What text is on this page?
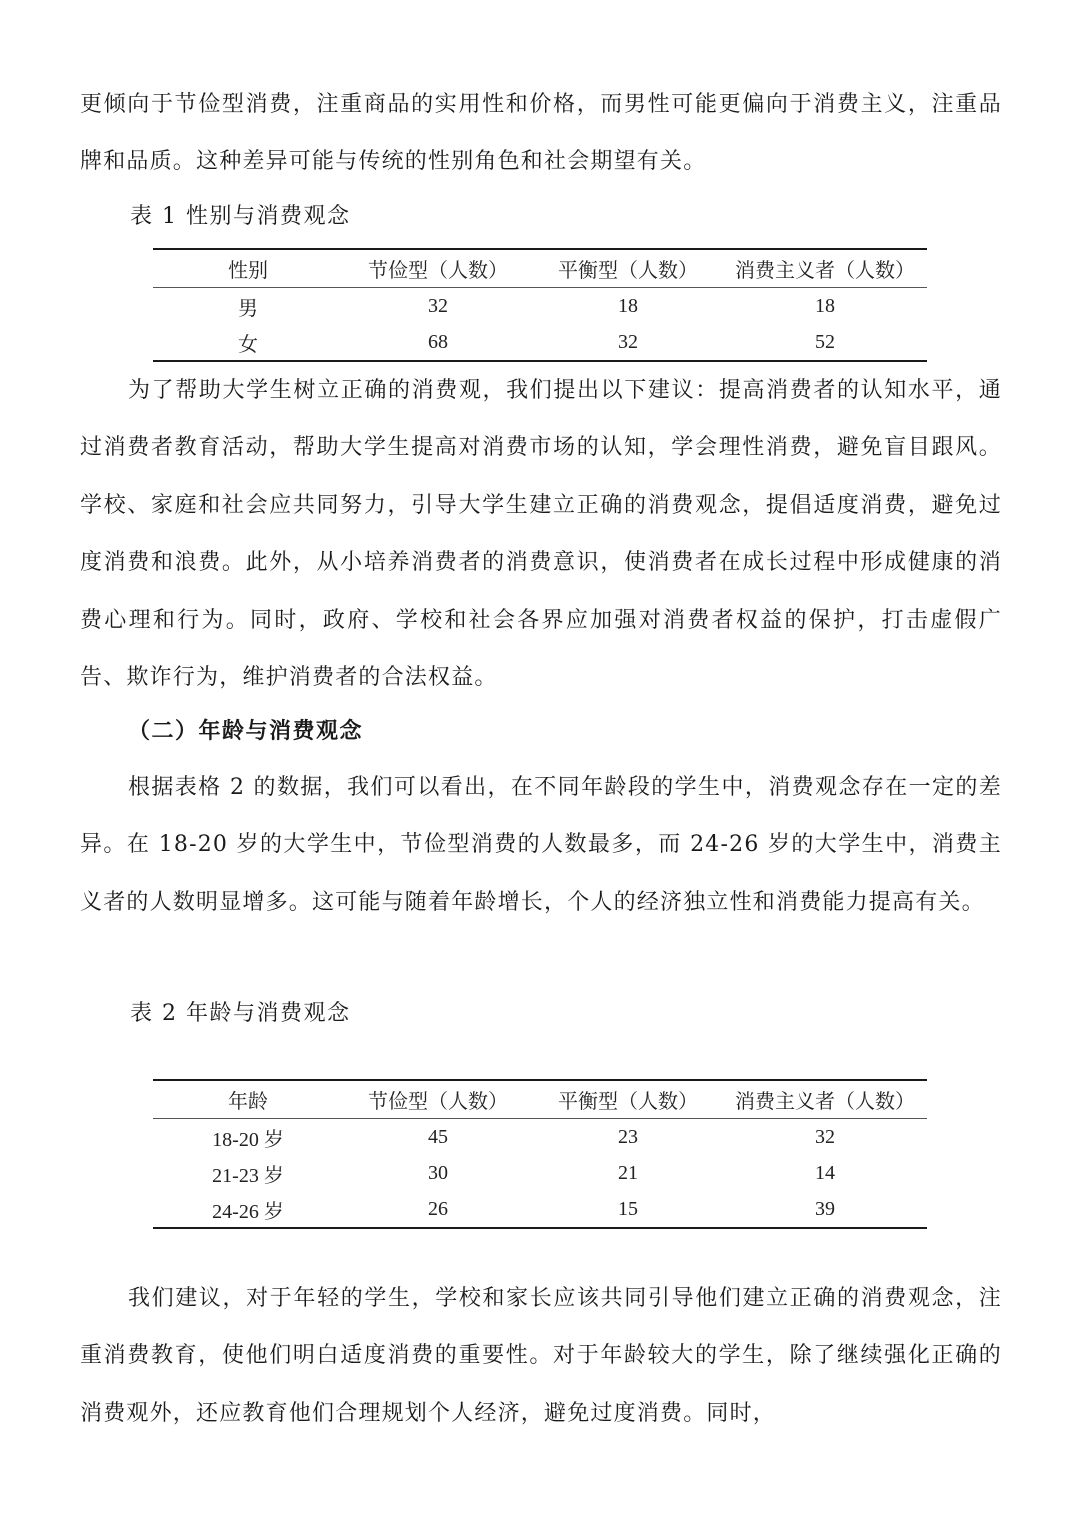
更倾向于节俭型消费，注重商品的实用性和价格，而男性可能更偏向于消费主义，注重品牌和品质。这种差异可能与传统的性别角色和社会期望有关。

表 1 性别与消费观念

性别	节俭型（人数）	平衡型（人数）	消费主义者（人数）
男	32	18	18
女	68	32	52

为了帮助大学生树立正确的消费观，我们提出以下建议：提高消费者的认知水平，通过消费者教育活动，帮助大学生提高对消费市场的认知，学会理性消费，避免盲目跟风。学校、家庭和社会应共同努力，引导大学生建立正确的消费观念，提倡适度消费，避免过度消费和浪费。此外，从小培养消费者的消费意识，使消费者在成长过程中形成健康的消费心理和行为。同时，政府、学校和社会各界应加强对消费者权益的保护，打击虚假广告、欺诈行为，维护消费者的合法权益。

（二）年龄与消费观念

根据表格 2 的数据，我们可以看出，在不同年龄段的学生中，消费观念存在一定的差异。在 18-20 岁的大学生中，节俭型消费的人数最多，而 24-26 岁的大学生中，消费主义者的人数明显增多。这可能与随着年龄增长，个人的经济独立性和消费能力提高有关。

表 2 年龄与消费观念

年龄	节俭型（人数）	平衡型（人数）	消费主义者（人数）
18-20 岁	45	23	32
21-23 岁	30	21	14
24-26 岁	26	15	39

我们建议，对于年轻的学生，学校和家长应该共同引导他们建立正确的消费观念，注重消费教育，使他们明白适度消费的重要性。对于年龄较大的学生，除了继续强化正确的消费观外，还应教育他们合理规划个人经济，避免过度消费。同时，
